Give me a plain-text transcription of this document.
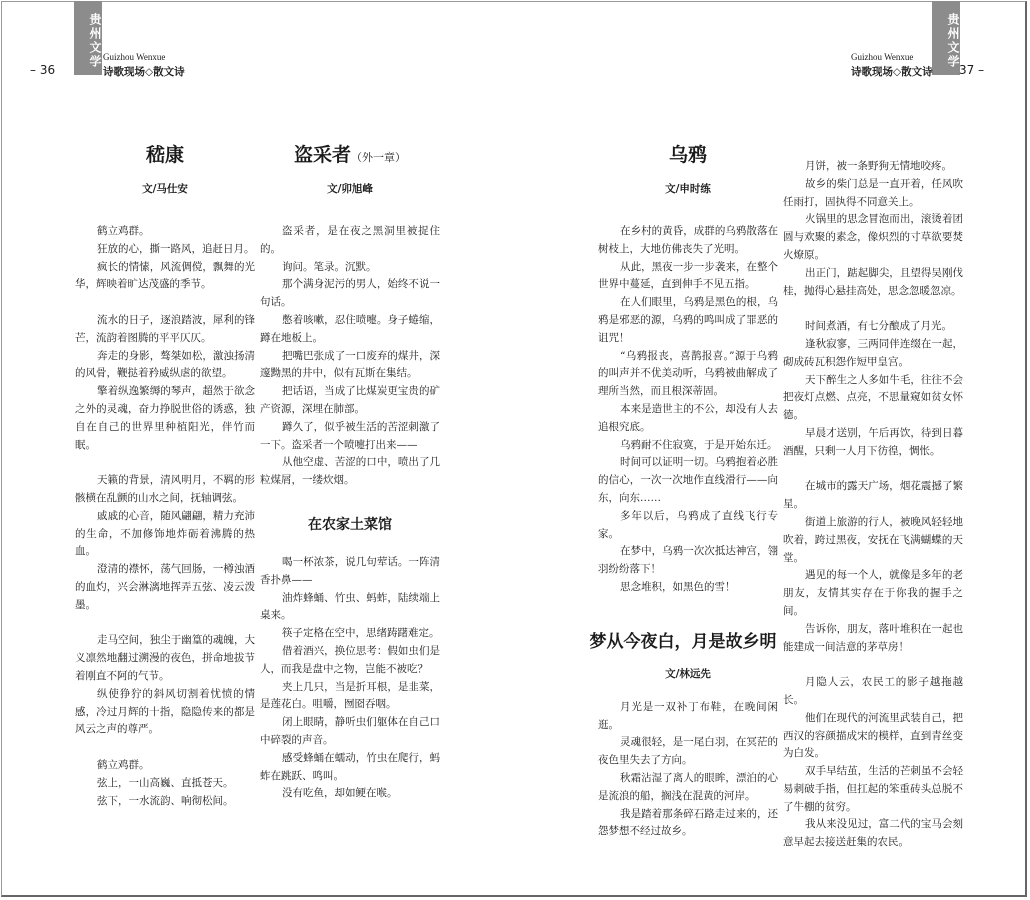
贵州文学
– 36
Guizhou Wenxue
诗歌现场◇散文诗
嵇康
文/马仕安

鹤立鸡群。

狂放的心，撕一路风，追赶日月。

疯长的情愫，风流倜傥，飘舞的光华，辉映着旷达茂盛的季节。

流水的日子，逐浪踏波，犀利的锋芒，流韵着图腾的平平仄仄。

奔走的身影，骜桀如松，激浊扬清的风骨，鞭挞着矜威纵虐的欲望。

擎着纵逸繁缛的琴声，超然于欲念之外的灵魂，奋力挣脱世俗的诱惑，独自在自己的世界里种植阳光，伴竹而眠。

天籁的背景，清风明月，不羁的形骸横在乱颤的山水之间，抚轴调弦。

戚戚的心音，随风翩翩，精力充沛的生命，不加修饰地炸砺着沸腾的热血。

澄清的襟怀，荡气回肠，一樽浊酒的血灼，兴会淋漓地挥弄五弦、凌云泼墨。

走马空间，独尘于幽篁的魂魄，大义凛然地翻过溯漫的夜色，拼命地拔节着刚直不阿的气节。

纵使狰狞的斜风切割着忧愤的情感，冷过月辉的十指，隐隐传来的都是风云之声的尊严。

鹤立鸡群。

弦上，一山高巍、直抵苍天。

弦下，一水流韵、响彻松间。

盗采者（外一章）
文/卯旭峰

盗采者，是在夜之黑洞里被捉住的。

询问。笔录。沉默。

那个满身泥污的男人，始终不说一句话。

憋着咳嗽，忍住喷嚏。身子蜷缩，蹲在地板上。

把嘴巴张成了一口废弃的煤井，深邃黝黑的井中，似有瓦斯在集结。

把话语，当成了比煤炭更宝贵的矿产资源，深埋在肺部。

蹲久了，似乎被生活的苦涩刺激了一下。盗采者一个喷嚏打出来——

从他空虚、苦涩的口中，喷出了几粒煤屑，一缕炊烟。

在农家土菜馆

喝一杯浓茶，说几句荤话。一阵清香扑鼻——

油炸蜂蛹、竹虫、蚂蚱，陆续端上桌来。

筷子定格在空中，思绪踌躇难定。

借着酒兴，换位思考：假如虫们是人，而我是盘中之物，岂能不被吃？

夹上几只，当是折耳根，是韭菜，是莲花白。咀嚼，囫囵吞咽。

闭上眼睛，静听虫们躯体在自己口中碎裂的声音。

感受蜂蛹在蠕动，竹虫在爬行，蚂蚱在跳跃、鸣叫。

没有吃鱼，却如鲠在喉。

贵州文学
37 –
Guizhou Wenxue
诗歌现场◇散文诗
乌鸦
文/申时练

在乡村的黄昏，成群的乌鸦散落在树枝上，大地仿佛丧失了光明。

从此，黑夜一步一步袭来，在整个世界中蔓延，直到伸手不见五指。

在人们眼里，乌鸦是黑色的根，乌鸦是邪恶的源，乌鸦的鸣叫成了罪恶的诅咒！

“乌鸦报丧，喜鹊报喜。”源于乌鸦的叫声并不优美动听，乌鸦被曲解成了理所当然，而且根深蒂固。

本来是造世主的不公，却没有人去追根究底。

乌鸦耐不住寂寞，于是开始东迁。

时间可以证明一切。乌鸦抱着必胜的信心，一次一次地作直线滑行——向东，向东……

多年以后，乌鸦成了直线飞行专家。

在梦中，乌鸦一次次抵达神宫，翎羽纷纷落下！

思念堆积，如黑色的雪！

梦从今夜白，月是故乡明
文/林远先

月光是一双补丁布鞋，在晚间闲逛。

灵魂很轻，是一尾白羽，在冥茫的夜色里失去了方向。

秋霜沾湿了离人的眼眸，漂泊的心是流浪的船，搁浅在混黄的河岸。

我是踏着那条碎石路走过来的，还怨梦想不经过故乡。

月饼，被一条野狗无情地咬疼。

故乡的柴门总是一直开着，任风吹任雨打，固执得不同意关上。

火锅里的思念冒泡而出，滚烫着团圆与欢聚的素念，像炽烈的寸草欲要焚火燎原。

出正门，踮起脚尖，且望得吴刚伐桂，抛得心悬挂高处，思念忽暖忽凉。

时间煮酒，有七分酿成了月光。

逢秋寂寥，三两同伴连缀在一起，砌成砖瓦积怨作短甲皇宫。

天下醉生之人多如牛毛，往往不会把夜灯点燃、点亮，不思量窥如贫女怀德。

早晨才送别，午后再饮，待到日暮酒醒，只剩一人月下彷徨，惆怅。

在城市的露天广场，烟花震撼了繁星。

街道上旅游的行人，被晚风轻轻地吹着，跨过黑夜，安抚在飞满蝴蝶的天堂。

遇见的每一个人，就像是多年的老朋友，友情其实存在于你我的握手之间。

告诉你，朋友，落叶堆积在一起也能建成一间洁意的茅草房！

月隐人云，农民工的影子越拖越长。

他们在现代的河流里武装自己，把西汉的容颜描成宋的模样，直到青丝变为白发。

双手早结茧，生活的芒刺虽不会轻易刺破手指，但扛起的笨重砖头总脱不了牛棚的贫穷。

我从来没见过，富二代的宝马会刻意早起去接送赶集的农民。
